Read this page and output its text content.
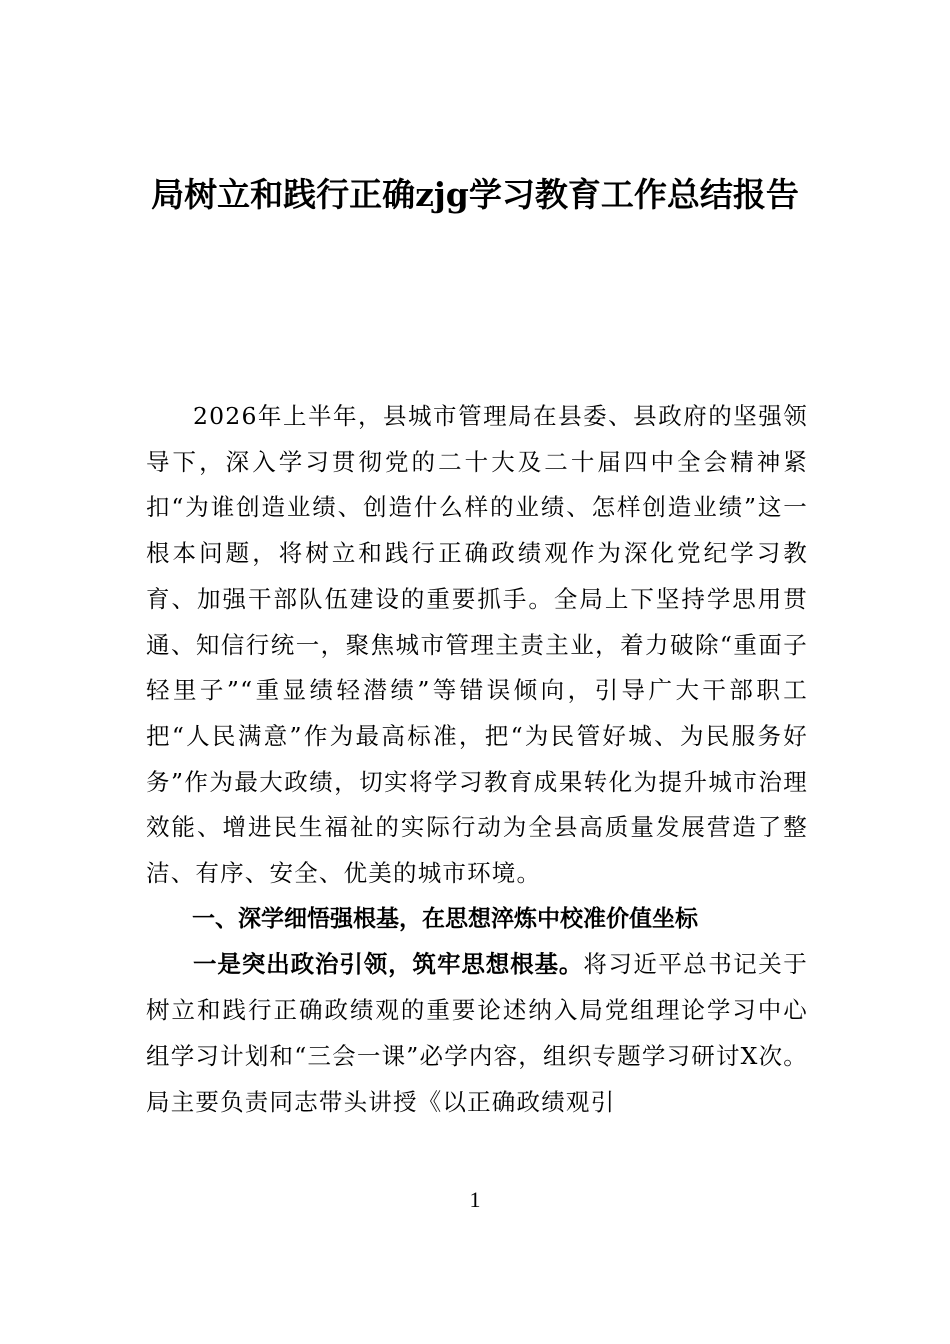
局树立和践行正确zjg学习教育工作总结报告

2026年上半年，县城市管理局在县委、县政府的坚强领导下，深入学习贯彻党的二十大及二十届四中全会精神紧扣“为谁创造业绩、创造什么样的业绩、怎样创造业绩”这一根本问题，将树立和践行正确政绩观作为深化党纪学习教育、加强干部队伍建设的重要抓手。全局上下坚持学思用贯通、知信行统一，聚焦城市管理主责主业，着力破除“重面子轻里子”“重显绩轻潜绩”等错误倾向，引导广大干部职工把“人民满意”作为最高标准，把“为民管好城、为民服务好务”作为最大政绩，切实将学习教育成果转化为提升城市治理效能、增进民生福祉的实际行动为全县高质量发展营造了整洁、有序、安全、优美的城市环境。

一、深学细悟强根基，在思想淬炼中校准价值坐标

一是突出政治引领，筑牢思想根基。将习近平总书记关于树立和践行正确政绩观的重要论述纳入局党组理论学习中心组学习计划和“三会一课”必学内容，组织专题学习研讨X次。局主要负责同志带头讲授《以正确政绩观引

1
